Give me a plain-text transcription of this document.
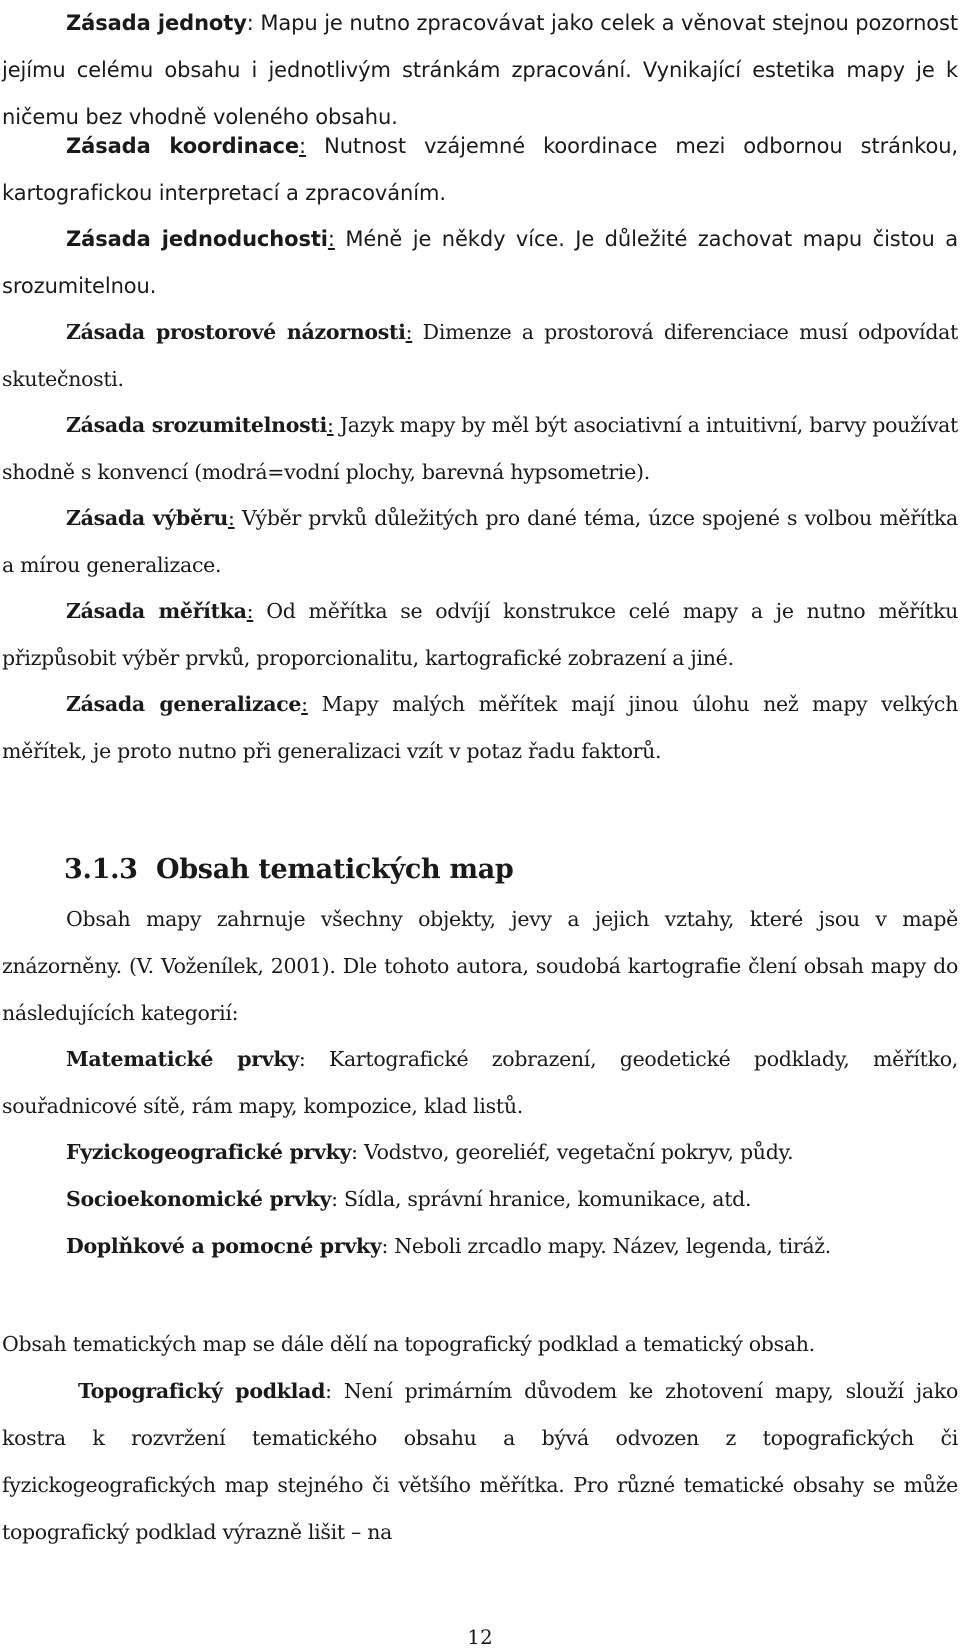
Zásada jednoty: Mapu je nutno zpracovávat jako celek a věnovat stejnou pozornost jejímu celému obsahu i jednotlivým stránkám zpracování. Vynikající estetika mapy je k ničemu bez vhodně voleného obsahu.

Zásada koordinace: Nutnost vzájemné koordinace mezi odbornou stránkou, kartografickou interpretací a zpracováním.

Zásada jednoduchosti: Méně je někdy více. Je důležité zachovat mapu čistou a srozumitelnou.

Zásada prostorové názornosti: Dimenze a prostorová diferenciace musí odpovídat skutečnosti.

Zásada srozumitelnosti: Jazyk mapy by měl být asociativní a intuitivní, barvy používat shodně s konvencí (modrá=vodní plochy, barevná hypsometrie).

Zásada výběru: Výběr prvků důležitých pro dané téma, úzce spojené s volbou měřítka a mírou generalizace.

Zásada měřítka: Od měřítka se odvíjí konstrukce celé mapy a je nutno měřítku přizpůsobit výběr prvků, proporcionalitu, kartografické zobrazení a jiné.

Zásada generalizace: Mapy malých měřítek mají jinou úlohu než mapy velkých měřítek, je proto nutno při generalizaci vzít v potaz řadu faktorů.

3.1.3 Obsah tematických map

Obsah mapy zahrnuje všechny objekty, jevy a jejich vztahy, které jsou v mapě znázorněny. (V. Voženílek, 2001). Dle tohoto autora, soudobá kartografie člení obsah mapy do následujících kategorií:

Matematické prvky: Kartografické zobrazení, geodetické podklady, měřítko, souřadnicové sítě, rám mapy, kompozice, klad listů.

Fyzickogeografické prvky: Vodstvo, georeliéf, vegetační pokryv, půdy.

Socioekonomické prvky: Sídla, správní hranice, komunikace, atd.

Doplňkové a pomocné prvky: Neboli zrcadlo mapy. Název, legenda, tiráž.

Obsah tematických map se dále dělí na topografický podklad a tematický obsah.

Topografický podklad: Není primárním důvodem ke zhotovení mapy, slouží jako kostra k rozvržení tematického obsahu a bývá odvozen z topografických či fyzickogeografických map stejného či většího měřítka. Pro různé tematické obsahy se může topografický podklad výrazně lišit – na

12
